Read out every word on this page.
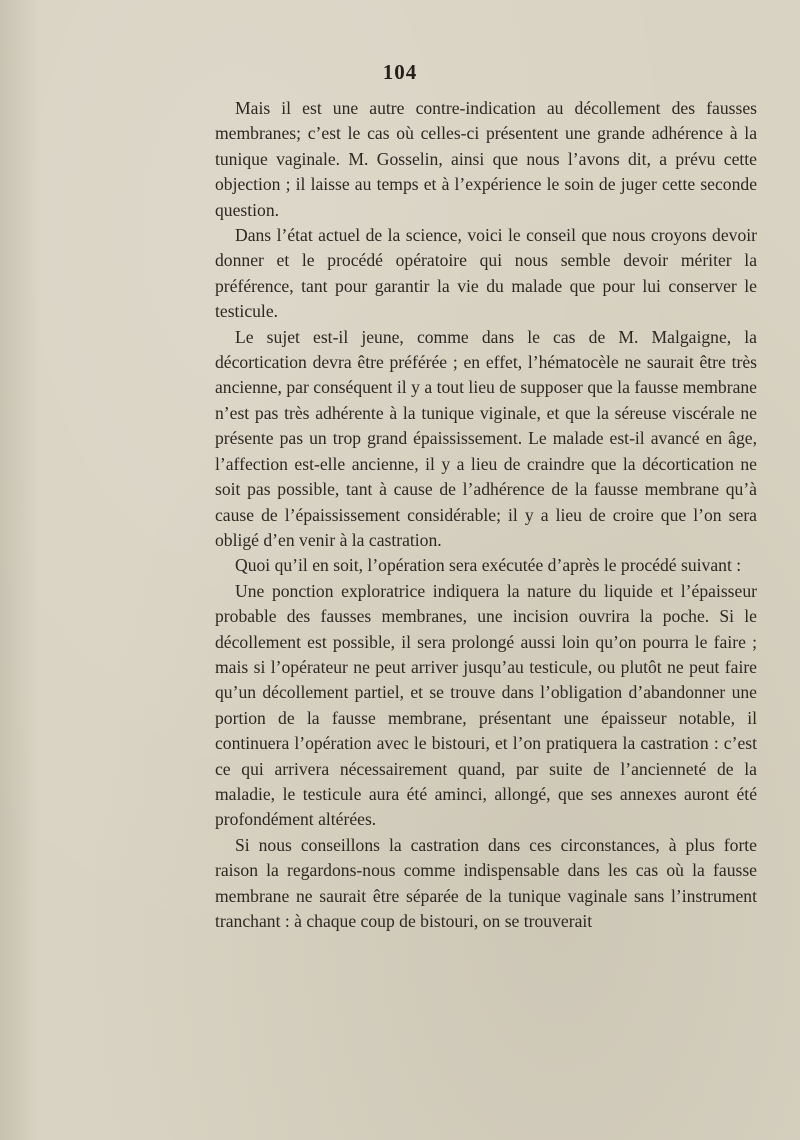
104

Mais il est une autre contre-indication au décollement des fausses membranes; c’est le cas où celles-ci présentent une grande adhérence à la tunique vaginale. M. Gosselin, ainsi que nous l’avons dit, a prévu cette objection ; il laisse au temps et à l’expérience le soin de juger cette seconde question.

Dans l’état actuel de la science, voici le conseil que nous croyons devoir donner et le procédé opératoire qui nous semble devoir mériter la préférence, tant pour garantir la vie du malade que pour lui conserver le testicule.

Le sujet est-il jeune, comme dans le cas de M. Malgaigne, la décortication devra être préférée ; en effet, l’hématocèle ne saurait être très ancienne, par conséquent il y a tout lieu de supposer que la fausse membrane n’est pas très adhérente à la tunique viginale, et que la séreuse viscérale ne présente pas un trop grand épaississement. Le malade est-il avancé en âge, l’affection est-elle ancienne, il y a lieu de craindre que la décortication ne soit pas possible, tant à cause de l’adhérence de la fausse membrane qu’à cause de l’épaississement considérable; il y a lieu de croire que l’on sera obligé d’en venir à la castration.

Quoi qu’il en soit, l’opération sera exécutée d’après le procédé suivant :

Une ponction exploratrice indiquera la nature du liquide et l’épaisseur probable des fausses membranes, une incision ouvrira la poche. Si le décollement est possible, il sera prolongé aussi loin qu’on pourra le faire ; mais si l’opérateur ne peut arriver jusqu’au testicule, ou plutôt ne peut faire qu’un décollement partiel, et se trouve dans l’obligation d’abandonner une portion de la fausse membrane, présentant une épaisseur notable, il continuera l’opération avec le bistouri, et l’on pratiquera la castration : c’est ce qui arrivera nécessairement quand, par suite de l’ancienneté de la maladie, le testicule aura été aminci, allongé, que ses annexes auront été profondément altérées.

Si nous conseillons la castration dans ces circonstances, à plus forte raison la regardons-nous comme indispensable dans les cas où la fausse membrane ne saurait être séparée de la tunique vaginale sans l’instrument tranchant : à chaque coup de bistouri, on se trouverait
